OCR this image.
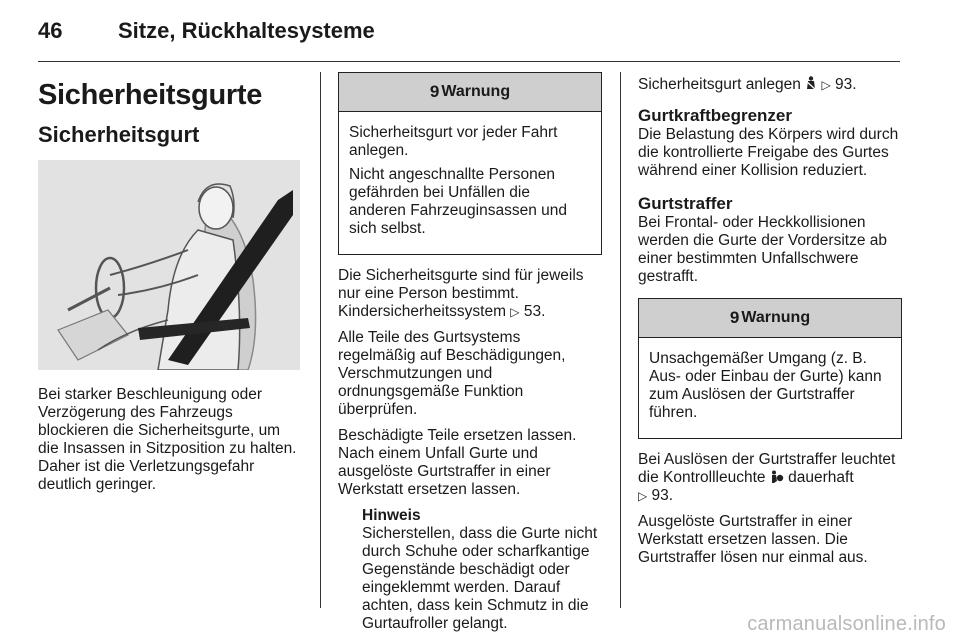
46	Sitze, Rückhaltesysteme
Sicherheitsgurte
Sicherheitsgurt

Bei starker Beschleunigung oder Verzögerung des Fahrzeugs blockieren die Sicherheitsgurte, um die Insassen in Sitzposition zu halten. Daher ist die Verletzungsgefahr deutlich geringer.

9 Warnung

Sicherheitsgurt vor jeder Fahrt anlegen.

Nicht angeschnallte Personen gefährden bei Unfällen die anderen Fahrzeuginsassen und sich selbst.

Die Sicherheitsgurte sind für jeweils nur eine Person bestimmt. Kindersicherheitssystem ▷ 53.

Alle Teile des Gurtsystems regelmäßig auf Beschädigungen, Verschmutzungen und ordnungsgemäße Funktion überprüfen.

Beschädigte Teile ersetzen lassen. Nach einem Unfall Gurte und ausgelöste Gurtstraffer in einer Werkstatt ersetzen lassen.

Hinweis
Sicherstellen, dass die Gurte nicht durch Schuhe oder scharfkantige Gegenstände beschädigt oder eingeklemmt werden. Darauf achten, dass kein Schmutz in die Gurtaufroller gelangt.

Sicherheitsgurt anlegen ▷ 93.

Gurtkraftbegrenzer

Die Belastung des Körpers wird durch die kontrollierte Freigabe des Gurtes während einer Kollision reduziert.

Gurtstraffer

Bei Frontal- oder Heckkollisionen werden die Gurte der Vordersitze ab einer bestimmten Unfallschwere gestrafft.

9 Warnung

Unsachgemäßer Umgang (z. B. Aus- oder Einbau der Gurte) kann zum Auslösen der Gurtstraffer führen.

Bei Auslösen der Gurtstraffer leuchtet die Kontrollleuchte dauerhaft
▷ 93.

Ausgelöste Gurtstraffer in einer Werkstatt ersetzen lassen. Die Gurtstraffer lösen nur einmal aus.

carmanualsonline.info
